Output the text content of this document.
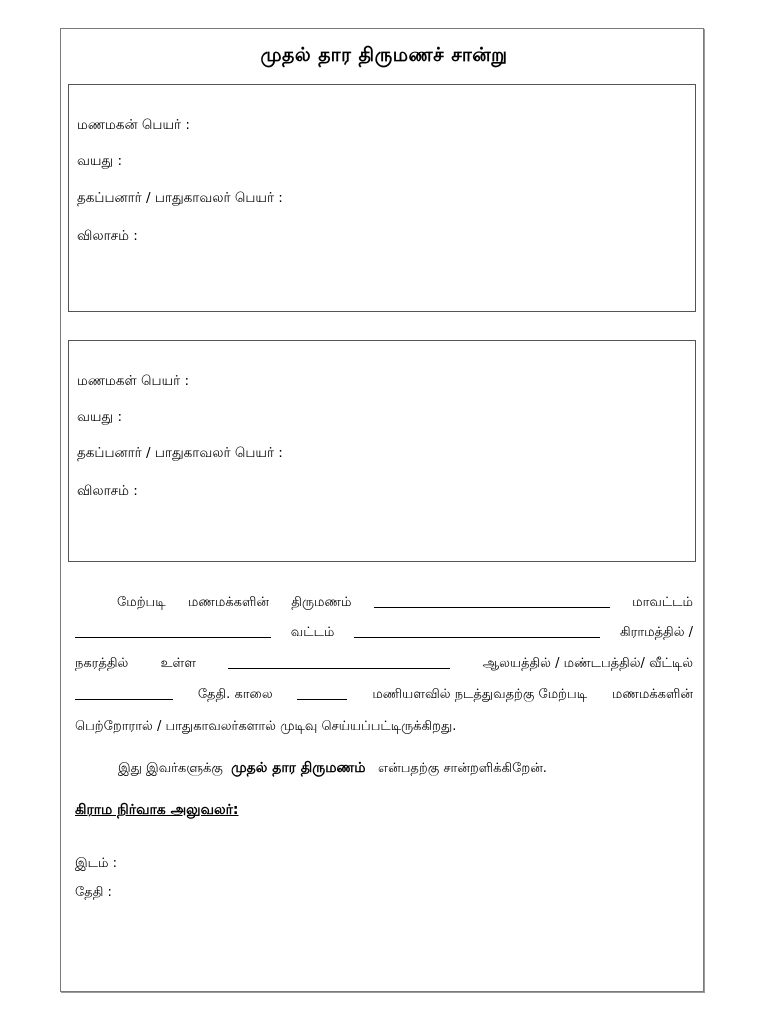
முதல் தார திருமணச் சான்று
மணமகன் பெயர் :
வயது :
தகப்பனார் / பாதுகாவலர் பெயர் :
விலாசம் :
மணமகள் பெயர் :
வயது :
தகப்பனார் / பாதுகாவலர் பெயர் :
விலாசம் :
மேற்படி மணமக்களின் திருமணம்	மாவட்டம்
வட்டம்	கிராமத்தில் /
நகரத்தில் உள்ள	ஆலயத்தில் / மண்டபத்தில்/ வீட்டில்
தேதி. காலை	மணியளவில் நடத்துவதற்கு மேற்படி மணமக்களின்
பெற்றோரால் / பாதுகாவலர்களால் முடிவு செய்யப்பட்டிருக்கிறது.
இது இவர்களுக்கு முதல் தார திருமணம் என்பதற்கு சான்றளிக்கிறேன்.
கிராம நிர்வாக அலுவலர்:
இடம் :
தேதி :
